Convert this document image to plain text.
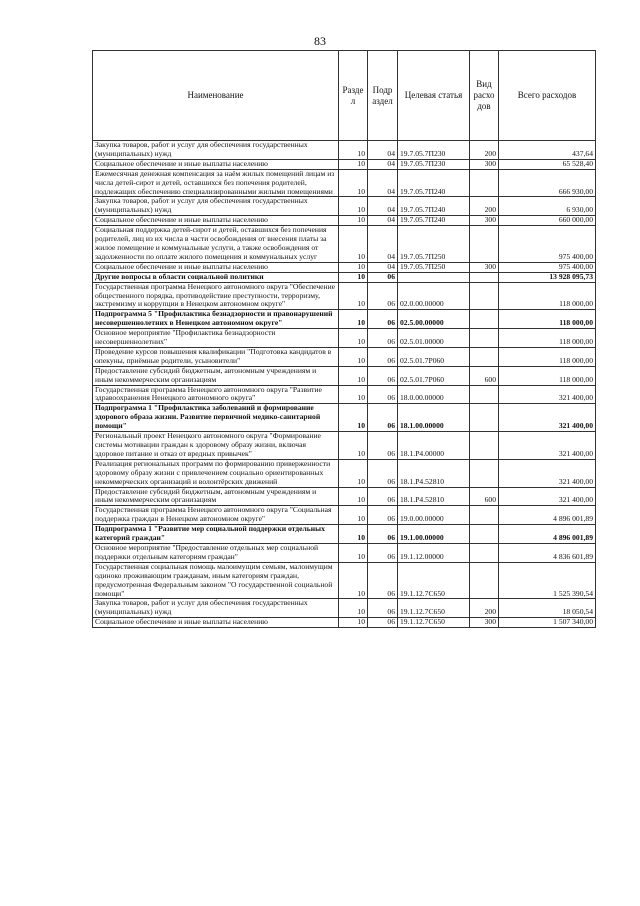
83
Наименование	Разде л	Подр аздел	Целевая статья	Вид расхо дов	Всего расходов
Закупка товаров, работ и услуг для обеспечения государственных (муниципальных) нужд	10	04	19.7.05.7П230	200	437,64
Социальное обеспечение и иные выплаты населению	10	04	19.7.05.7П230	300	65 528,40
Ежемесячная денежная компенсация за наём жилых помещений лицам из числа детей-сирот и детей, оставшихся без попечения родителей, подлежащих обеспечению специализированными жилыми помещениями	10	04	19.7.05.7П240		666 930,00
Закупка товаров, работ и услуг для обеспечения государственных (муниципальных) нужд	10	04	19.7.05.7П240	200	6 930,00
Социальное обеспечение и иные выплаты населению	10	04	19.7.05.7П240	300	660 000,00
Социальная поддержка детей-сирот и детей, оставшихся без попечения родителей, лиц из их числа в части освобождения от внесения платы за жилое помещение и коммунальные услуги, а также освобождения от задолженности по оплате жилого помещения и коммунальных услуг	10	04	19.7.05.7П250		975 400,00
Социальное обеспечение и иные выплаты населению	10	04	19.7.05.7П250	300	975 400,00
Другие вопросы в области социальной политики	10	06			13 928 095,73
Государственная программа Ненецкого автономного округа "Обеспечение общественного порядка, противодействие преступности, терроризму, экстремизму и коррупции в Ненецком автономном округе"	10	06	02.0.00.00000		118 000,00
Подпрограмма 5 "Профилактика безнадзорности и правонарушений несовершеннолетних в Ненецком автономном округе"	10	06	02.5.00.00000		118 000,00
Основное мероприятие "Профилактика безнадзорности несовершеннолетних"	10	06	02.5.01.00000		118 000,00
Проведение курсов повышения квалификации "Подготовка кандидатов в опекуны, приёмные родители, усыновители"	10	06	02.5.01.7Р060		118 000,00
Предоставление субсидий бюджетным, автономным учреждениям и иным некоммерческим организациям	10	06	02.5.01.7Р060	600	118 000,00
Государственная программа Ненецкого автономного округа "Развитие здравоохранения Ненецкого автономного округа"	10	06	18.0.00.00000		321 400,00
Подпрограмма 1 "Профилактика заболеваний и формирование здорового образа жизни. Развитие первичной медико-санитарной помощи"	10	06	18.1.00.00000		321 400,00
Региональный проект Ненецкого автономного округа "Формирование системы мотивации граждан к здоровому образу жизни, включая здоровое питание и отказ от вредных привычек"	10	06	18.1.Р4.00000		321 400,00
Реализация региональных программ по формированию приверженности здоровому образу жизни с привлечением социально ориентированных некоммерческих организаций и волонтёрских движений	10	06	18.1.Р4.52810		321 400,00
Предоставление субсидий бюджетным, автономным учреждениям и иным некоммерческим организациям	10	06	18.1.Р4.52810	600	321 400,00
Государственная программа Ненецкого автономного округа "Социальная поддержка граждан в Ненецком автономном округе"	10	06	19.0.00.00000		4 896 001,89
Подпрограмма 1 "Развитие мер социальной поддержки отдельных категорий граждан"	10	06	19.1.00.00000		4 896 001,89
Основное мероприятие "Предоставление отдельных мер социальной поддержки отдельным категориям граждан"	10	06	19.1.12.00000		4 836 601,89
Государственная социальная помощь малоимущим семьям, малоимущим одиноко проживающим гражданам, иным категориям граждан, предусмотренная Федеральным законом "О государственной социальной помощи"	10	06	19.1.12.7С650		1 525 390,54
Закупка товаров, работ и услуг для обеспечения государственных (муниципальных) нужд	10	06	19.1.12.7С650	200	18 050,54
Социальное обеспечение и иные выплаты населению	10	06	19.1.12.7С650	300	1 507 340,00
